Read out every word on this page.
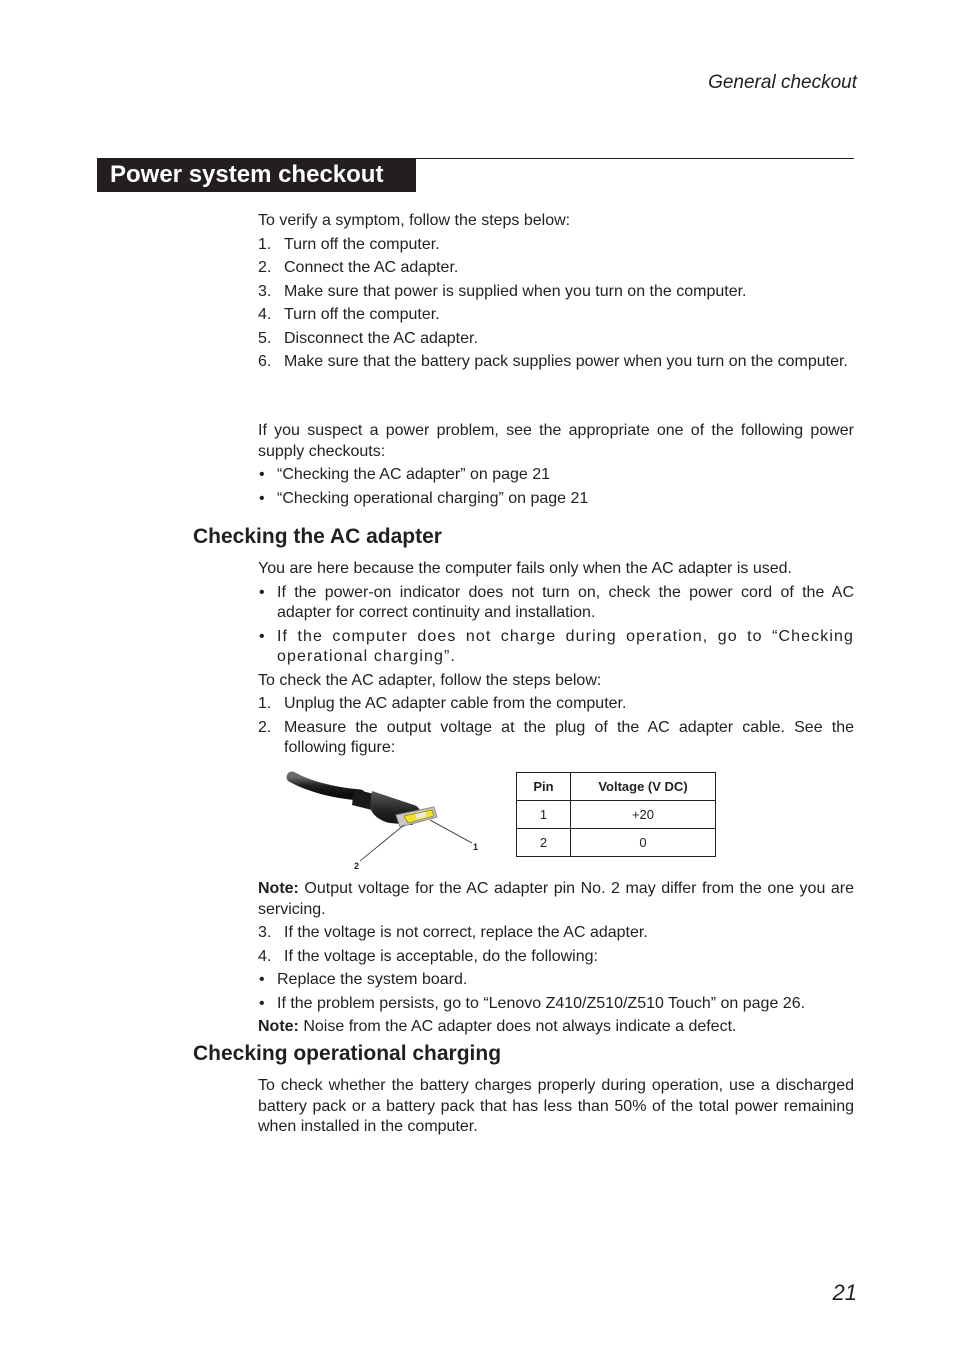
General checkout
Power system checkout

To verify a symptom, follow the steps below:

1. Turn off the computer.

2. Connect the AC adapter.

3. Make sure that power is supplied when you turn on the computer.

4. Turn off the computer.

5. Disconnect the AC adapter.

6. Make sure that the battery pack supplies power when you turn on the computer.

If you suspect a power problem, see the appropriate one of the following power supply checkouts:

• “Checking the AC adapter” on page 21

• “Checking operational charging” on page 21

Checking the AC adapter

You are here because the computer fails only when the AC adapter is used.

• If the power-on indicator does not turn on, check the power cord of the AC adapter for correct continuity and installation.

• If the computer does not charge during operation, go to “Checking operational charging”.

To check the AC adapter, follow the steps below:

1. Unplug the AC adapter cable from the computer.

2. Measure the output voltage at the plug of the AC adapter cable. See the following figure:

1
2
Pin	Voltage (V DC)
1	+20
2	0

Note: Output voltage for the AC adapter pin No. 2 may differ from the one you are servicing.

3. If the voltage is not correct, replace the AC adapter.

4. If the voltage is acceptable, do the following:

• Replace the system board.

• If the problem persists, go to “Lenovo Z410/Z510/Z510 Touch” on page 26.

Note: Noise from the AC adapter does not always indicate a defect.

Checking operational charging

To check whether the battery charges properly during operation, use a discharged battery pack or a battery pack that has less than 50% of the total power remaining when installed in the computer.

21
